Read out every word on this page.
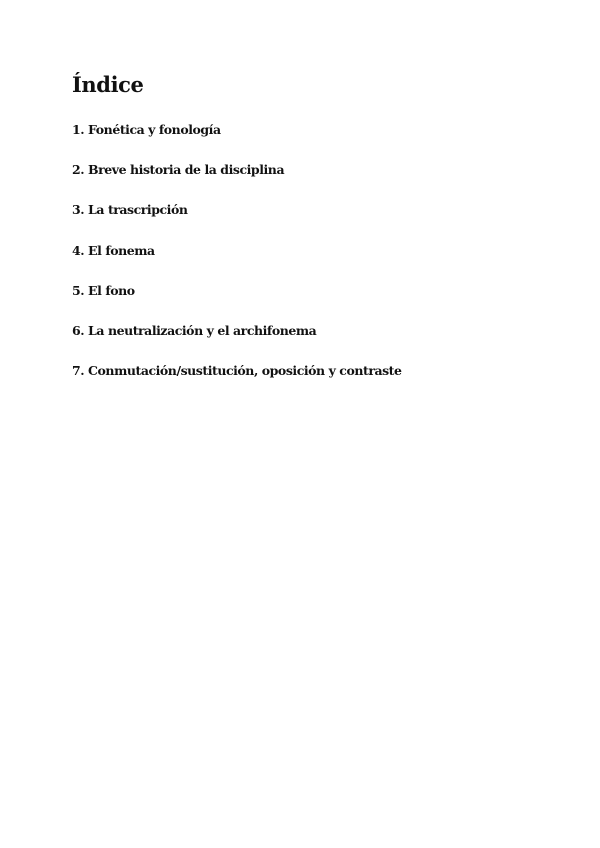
Índice
1. Fonética y fonología
2. Breve historia de la disciplina
3. La trascripción
4. El fonema
5. El fono
6. La neutralización y el archifonema
7. Conmutación/sustitución, oposición y contraste
